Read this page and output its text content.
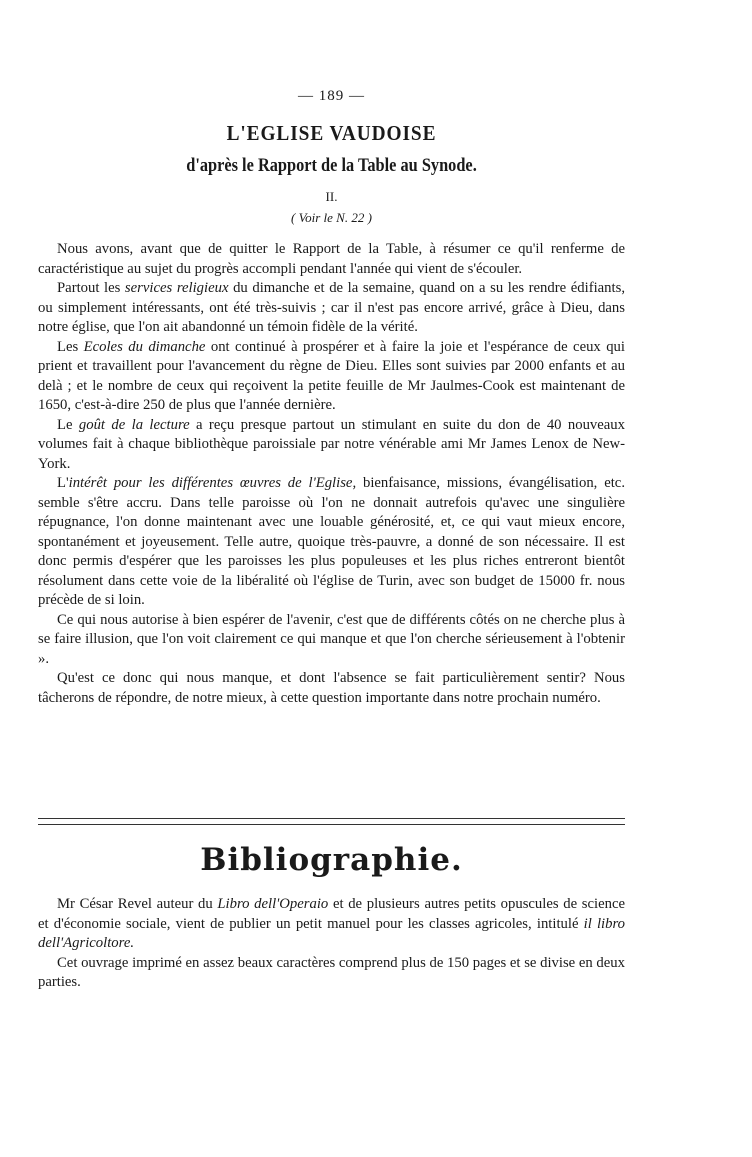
— 189 —
L'EGLISE VAUDOISE
d'après le Rapport de la Table au Synode.
II.
( Voir le N. 22 )

Nous avons, avant que de quitter le Rapport de la Table, à résumer ce qu'il renferme de caractéristique au sujet du progrès accompli pendant l'année qui vient de s'écouler.

Partout les services religieux du dimanche et de la semaine, quand on a su les rendre édifiants, ou simplement intéressants, ont été très-suivis ; car il n'est pas encore arrivé, grâce à Dieu, dans notre église, que l'on ait abandonné un témoin fidèle de la vérité.

Les Ecoles du dimanche ont continué à prospérer et à faire la joie et l'espérance de ceux qui prient et travaillent pour l'avancement du règne de Dieu. Elles sont suivies par 2000 enfants et au delà ; et le nombre de ceux qui reçoivent la petite feuille de Mr Jaulmes-Cook est maintenant de 1650, c'est-à-dire 250 de plus que l'année dernière.

Le goût de la lecture a reçu presque partout un stimulant en suite du don de 40 nouveaux volumes fait à chaque bibliothèque paroissiale par notre vénérable ami Mr James Lenox de New-York.

L'intérêt pour les différentes œuvres de l'Eglise, bienfaisance, missions, évangélisation, etc. semble s'être accru. Dans telle paroisse où l'on ne donnait autrefois qu'avec une singulière répugnance, l'on donne maintenant avec une louable générosité, et, ce qui vaut mieux encore, spontanément et joyeusement. Telle autre, quoique très-pauvre, a donné de son nécessaire. Il est donc permis d'espérer que les paroisses les plus populeuses et les plus riches entreront bientôt résolument dans cette voie de la libéralité où l'église de Turin, avec son budget de 15000 fr. nous précède de si loin.

Ce qui nous autorise à bien espérer de l'avenir, c'est que de différents côtés on ne cherche plus à se faire illusion, que l'on voit clairement ce qui manque et que l'on cherche sérieusement à l'obtenir ».

Qu'est ce donc qui nous manque, et dont l'absence se fait particulièrement sentir? Nous tâcherons de répondre, de notre mieux, à cette question importante dans notre prochain numéro.

Bibliographie.

Mr César Revel auteur du Libro dell'Operaio et de plusieurs autres petits opuscules de science et d'économie sociale, vient de publier un petit manuel pour les classes agricoles, intitulé il libro dell'Agricoltore.

Cet ouvrage imprimé en assez beaux caractères comprend plus de 150 pages et se divise en deux parties.
